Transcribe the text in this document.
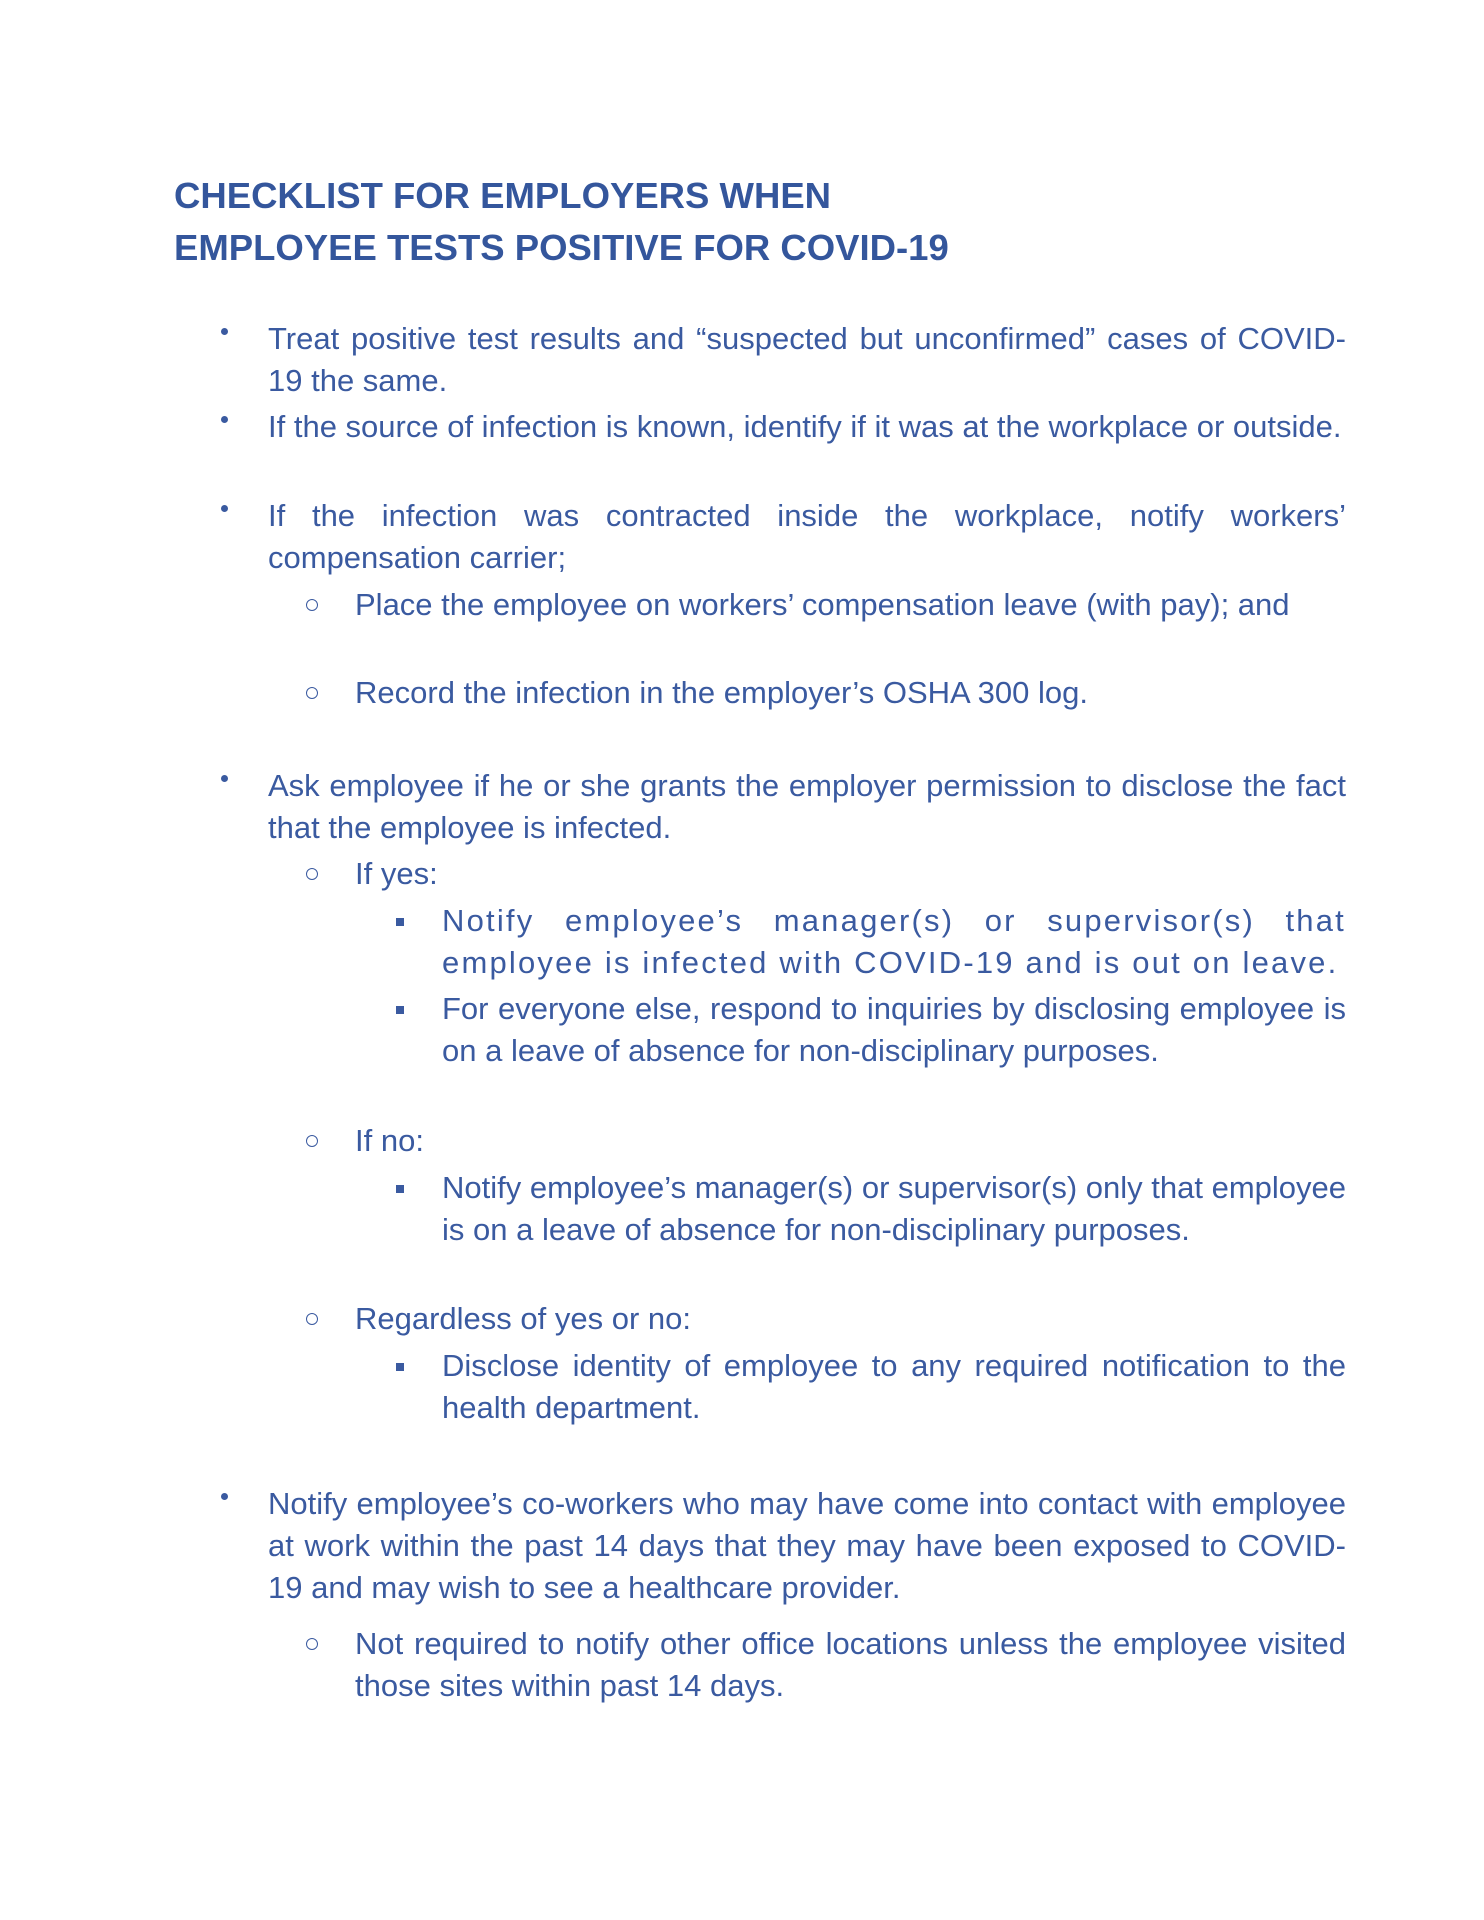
CHECKLIST FOR EMPLOYERS WHEN
EMPLOYEE TESTS POSITIVE FOR COVID-19

Treat positive test results and “suspected but unconfirmed” cases of COVID-19 the same.

If the source of infection is known, identify if it was at the workplace or outside.

If the infection was contracted inside the workplace, notify workers’ compensation carrier;

Place the employee on workers’ compensation leave (with pay); and

Record the infection in the employer’s OSHA 300 log.

Ask employee if he or she grants the employer permission to disclose the fact that the employee is infected.

If yes:

Notify employee’s manager(s) or supervisor(s) that employee is infected with COVID-19 and is out on leave.

For everyone else, respond to inquiries by disclosing employee is on a leave of absence for non-disciplinary purposes.

If no:

Notify employee’s manager(s) or supervisor(s) only that employee is on a leave of absence for non-disciplinary purposes.

Regardless of yes or no:

Disclose identity of employee to any required notification to the health department.

Notify employee’s co-workers who may have come into contact with employee at work within the past 14 days that they may have been exposed to COVID-19 and may wish to see a healthcare provider.

Not required to notify other office locations unless the employee visited those sites within past 14 days.
